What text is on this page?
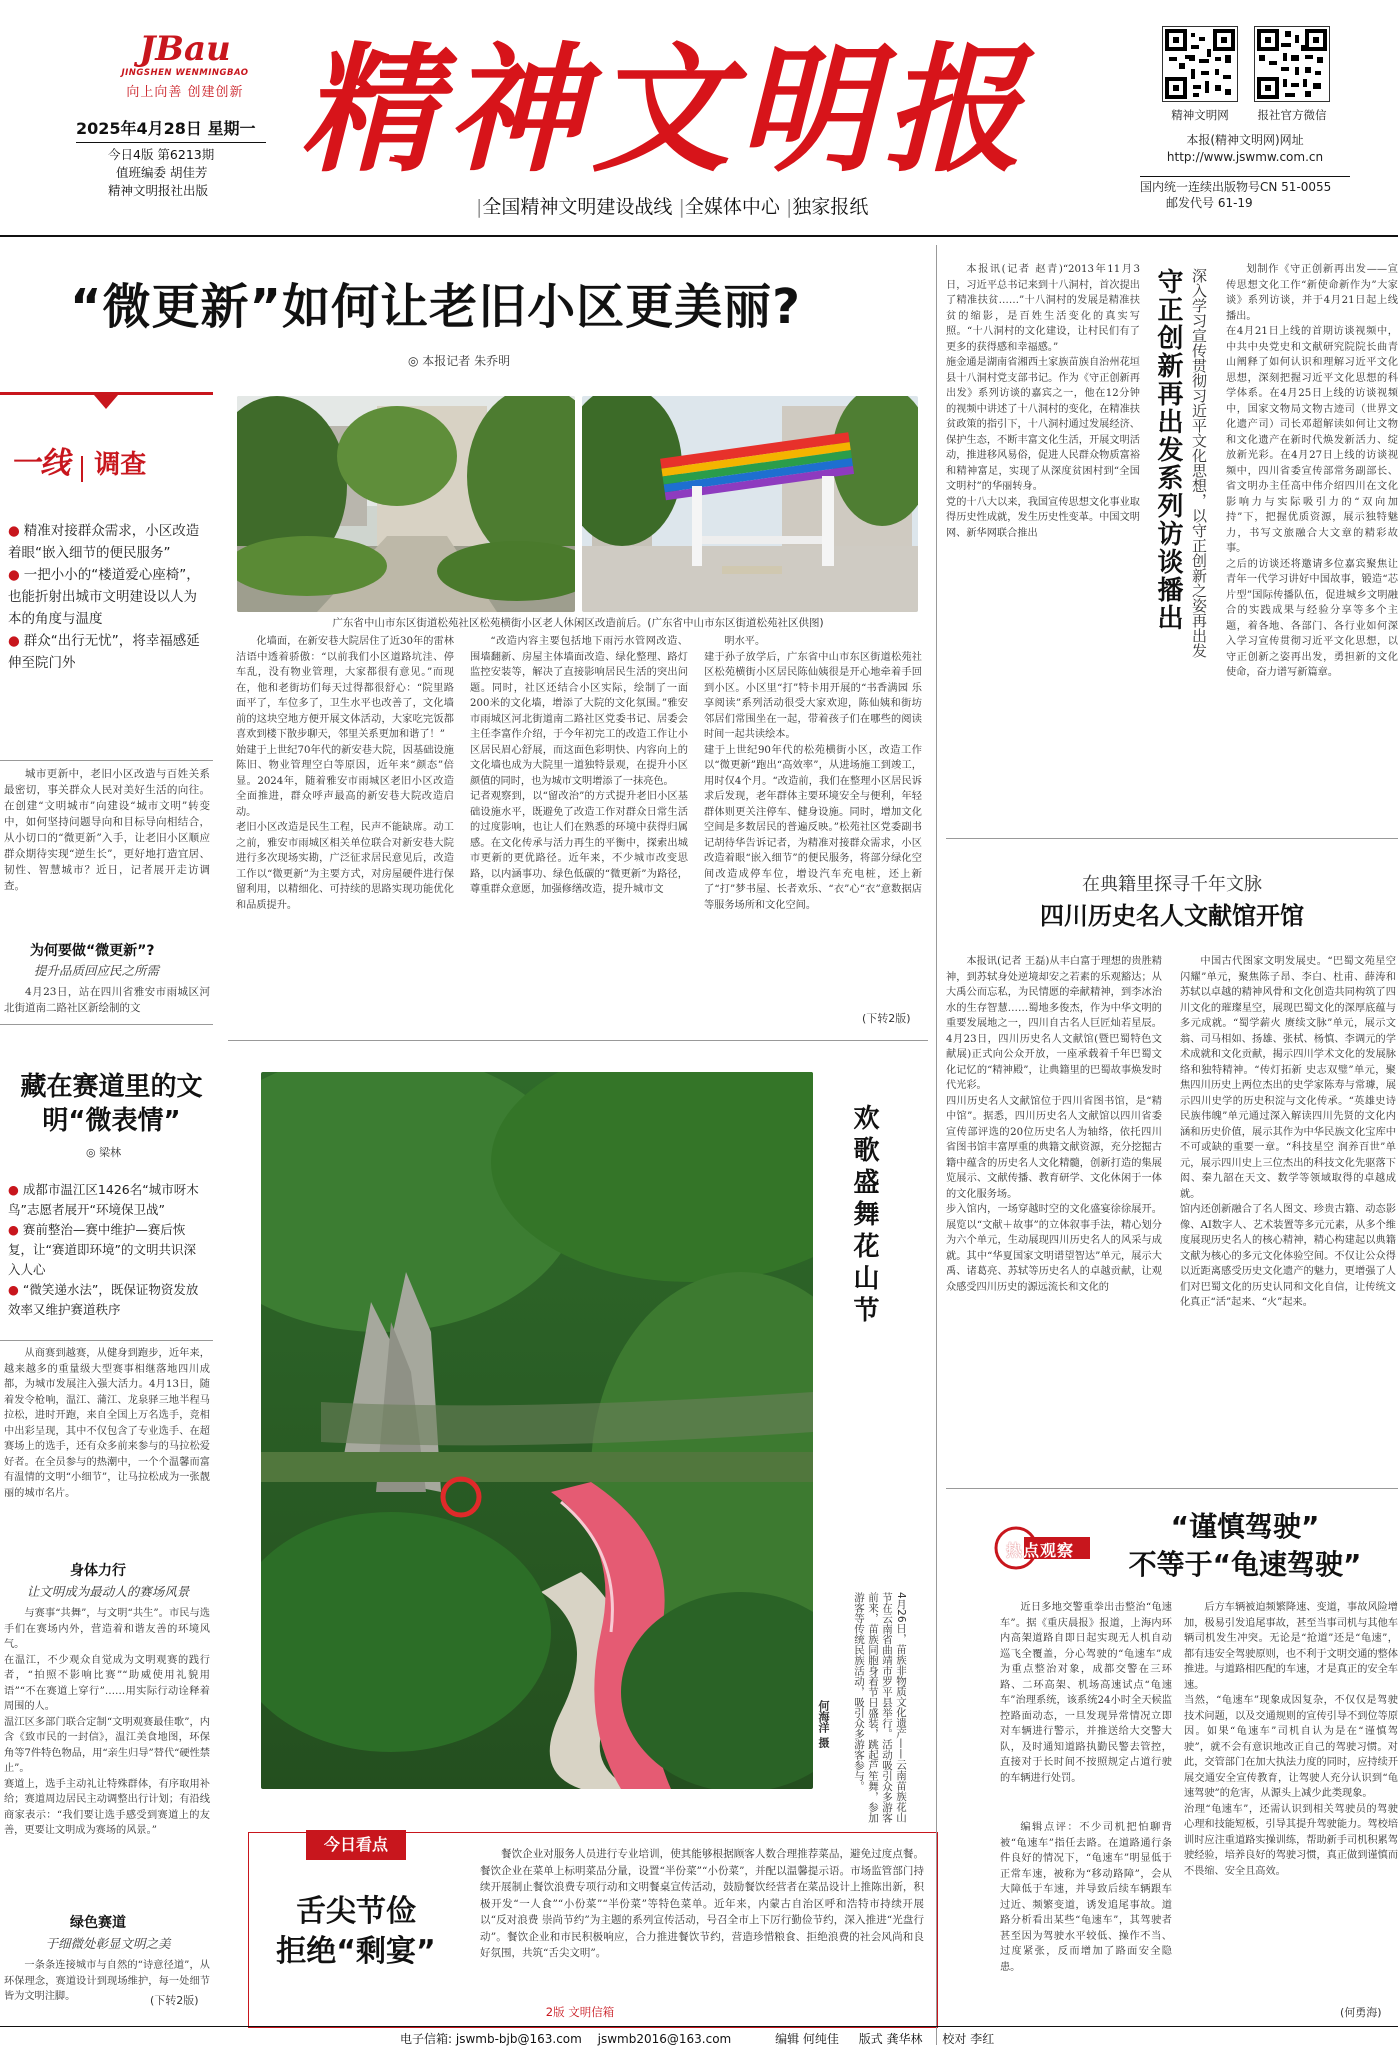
JBau
JINGSHEN WENMINGBAO
向上向善 创建创新
2025年4月28日 星期一
今日4版 第6213期
值班编委 胡佳芳
精神文明报社出版 精神文明报
|全国精神文明建设战线 |全媒体中心 |独家报纸
精神文明网	报社官方微信
本报(精神文明网)网址
http://www.jswmw.com.cn
国内统一连续出版物号CN 51-0055
邮发代号 61-19
“微更新”如何让老旧小区更美丽?
◎ 本报记者 朱乔明
广东省中山市东区街道松苑社区松苑横街小区老人休闲区改造前后。(广东省中山市东区街道松苑社区供图)
一线 调查
● 精准对接群众需求，小区改造着眼“嵌入细节的便民服务”
● 一把小小的“楼道爱心座椅”，也能折射出城市文明建设以人为本的角度与温度
● 群众“出行无忧”，将幸福感延伸至院门外

城市更新中，老旧小区改造与百姓关系最密切，事关群众人民对美好生活的向往。 在创建“文明城市”向建设“城市文明”转变中，如何坚持问题导向和目标导向相结合，从小切口的“微更新”入手，让老旧小区顺应群众期待实现“逆生长”，更好地打造宜居、韧性、智慧城市？近日，记者展开走访调查。

为何要做“微更新”?
提升品质回应民之所需

4月23日，站在四川省雅安市雨城区河北街道南二路社区新绘制的文

化墙面，在新安巷大院居住了近30年的雷林洁语中透着骄傲：“以前我们小区道路坑洼、停车乱，没有物业管理，大家都很有意见。”而现在，他和老街坊们每天过得都很舒心：“院里路面平了，车位多了，卫生水平也改善了，文化墙前的这块空地方便开展文体活动，大家吃完饭都喜欢到楼下散步聊天，邻里关系更加和谐了！”
始建于上世纪70年代的新安巷大院，因基础设施陈旧、物业管理空白等原因，近年来“颜态”倍显。2024年，随着雅安市雨城区老旧小区改造全面推进，群众呼声最高的新安巷大院改造启动。
老旧小区改造是民生工程，民声不能缺席。动工之前，雅安市雨城区相关单位联合对新安巷大院进行多次现场实勘，广泛征求居民意见后，改造工作以“微更新”为主要方式，对房屋硬件进行保留利用，以精细化、可持续的思路实现功能优化和品质提升。

“改造内容主要包括地下雨污水管网改造、围墙翻新、房屋主体墙面改造、绿化整理、路灯监控安装等，解决了直接影响居民生活的突出问题。同时，社区还结合小区实际，绘制了一面200米的文化墙，增添了大院的文化氛围。”雅安市雨城区河北街道南二路社区党委书记、居委会主任李富作介绍，于今年初完工的改造工作让小区居民眉心舒展，而这面色彩明快、内容向上的文化墙也成为大院里一道独特景观，在提升小区颜值的同时，也为城市文明增添了一抹亮色。
记者观察到，以“留改治”的方式提升老旧小区基础设施水平，既避免了改造工作对群众日常生活的过度影响，也让人们在熟悉的环境中获得归属感。在文化传承与活力再生的平衡中，探索出城市更新的更优路径。近年来，不少城市改变思路，以内涵事功、绿色低碳的“微更新”为路径，尊重群众意愿，加强修缮改造，提升城市文

明水平。
建于孙子放学后，广东省中山市东区街道松苑社区松苑横街小区居民陈仙姨很是开心地牵着手回到小区。小区里“打”特卡用开展的“书香满园 乐享阅读”系列活动很受大家欢迎，陈仙姨和街坊邻居们常围坐在一起，带着孩子们在哪些的阅读时间一起共读绘本。
建于上世纪90年代的松苑横街小区，改造工作以“微更新”跑出“高效率”，从进场施工到竣工，用时仅4个月。“改造前，我们在整理小区居民诉求后发现，老年群体主要环境安全与便利，年轻群体则更关注停车、健身设施。同时，增加文化空间是多数居民的普遍反映。”松苑社区党委副书记胡待华告诉记者，为精准对接群众需求，小区改造着眼“嵌入细节”的便民服务，将部分绿化空间改造成停车位，增设汽车充电桩，还上新了“打”梦书屋、长者欢乐、“衣”心“衣”意数据店等服务场所和文化空间。

(下转2版)
藏在赛道里的文明“微表情”
◎ 梁林
● 成都市温江区1426名“城市呀木鸟”志愿者展开“环境保卫战”
● 赛前整治—赛中维护—赛后恢复，让“赛道即环境”的文明共识深入人心
● “微笑递水法”，既保证物资发放效率又维护赛道秩序

从商赛到越赛，从健身到跑步，近年来，越来越多的重量级大型赛事相继落地四川成都，为城市发展注入强大活力。4月13日，随着发令枪响，温江、蒲江、龙泉驿三地半程马拉松，进时开跑，来自全国上万名选手，竞相中出彩呈现，其中不仅包含了专业选手、在超赛场上的选手，还有众多前来参与的马拉松爱好者。在全员参与的热潮中，一个个温馨而富有温情的文明“小细节”，让马拉松成为一张靓丽的城市名片。

身体力行
让文明成为最动人的赛场风景

与赛事“共舞”，与文明“共生”。市民与选手们在赛场内外，营造着和谐友善的环境风气。
在温江，不少观众自觉成为文明观赛的践行者，“拍照不影响比赛”“助威使用礼貌用语”“不在赛道上穿行”……用实际行动诠释着周围的人。
温江区多部门联合定制“文明观赛最佳歌”，内含《致市民的一封信》，温江美食地图，环保角等7件特色物品，用“亲生归导”替代“硬性禁止”。
赛道上，选手主动礼让特殊群体，有序取用补给；赛道周边居民主动调整出行计划；有沿线商家表示：“我们要让选手感受到赛道上的友善，更要让文明成为赛场的风景。”

绿色赛道
于细微处彰显文明之美

一条条连接城市与自然的“诗意径道”，从环保理念，赛道设计到现场维护，每一处细节皆为文明注脚。	(下转2版)
欢歌盛舞花山节
4月26日，苗族非物质文化遗产——云南苗族花山节在云南省曲靖市罗平县举行。活动吸引众多游客前来，苗族同胞身着节日盛装，跳起芦笙舞，参加游客等传统民族活动，吸引众多游客参与。
何海洋 摄
今日看点
舌尖节俭
拒绝“剩宴”

餐饮企业对服务人员进行专业培训，使其能够根据顾客人数合理推荐菜品，避免过度点餐。餐饮企业在菜单上标明菜品分量，设置“半份菜”“小份菜”，并配以温馨提示语。市场监管部门持续开展制止餐饮浪费专项行动和文明餐桌宣传活动，鼓励餐饮经营者在菜品设计上推陈出新，积极开发“一人食”“小份菜”“半份菜”等特色菜单。近年来，内蒙古自治区呼和浩特市持续开展以“反对浪费 崇尚节约”为主题的系列宣传活动，号召全市上下厉行勤俭节约，深入推进“光盘行动”。餐饮企业和市民积极响应，合力推进餐饮节约，营造珍惜粮食、拒绝浪费的社会风尚和良好氛围，共筑“舌尖文明”。

2版 文明信箱

本报讯(记者 赵青)“2013年11月3日，习近平总书记来到十八洞村，首次提出了精准扶贫……”十八洞村的发展是精准扶贫的缩影，是百姓生活变化的真实写照。“十八洞村的文化建设，让村民们有了更多的获得感和幸福感。”
施金通是湖南省湘西土家族苗族自治州花垣县十八洞村党支部书记。作为《守正创新再出发》系列访谈的嘉宾之一，他在12分钟的视频中讲述了十八洞村的变化，在精准扶贫政策的指引下，十八洞村通过发展经济、保护生态，不断丰富文化生活，开展文明活动，推进移风易俗，促进人民群众物质富裕和精神富足，实现了从深度贫困村到“全国文明村”的华丽转身。
党的十八大以来，我国宣传思想文化事业取得历史性成就，发生历史性变革。中国文明网、新华网联合推出	深入学习宣传贯彻习近平文化思想，以守正创新之姿再出发
守正创新再出发系列访谈播出	划制作《守正创新再出发——宣传思想文化工作“新使命新作为”大家谈》系列访谈，并于4月21日起上线播出。
在4月21日上线的首期访谈视频中，中共中央党史和文献研究院院长曲青山阐释了如何认识和理解习近平文化思想，深刻把握习近平文化思想的科学体系。在4月25日上线的访谈视频中，国家文物局文物古迹司（世界文化遗产司）司长邓超解读如何让文物和文化遗产在新时代焕发新活力、绽放新光彩。在4月27日上线的访谈视频中，四川省委宣传部常务副部长、省文明办主任高中伟介绍四川在文化影响力与实际吸引力的“双向加持”下，把握优质资源，展示独特魅力，书写文旅融合大文章的精彩故事。
之后的访谈还将邀请多位嘉宾聚焦让青年一代学习讲好中国故事，锻造“芯片型”国际传播队伍，促进城乡文明融合的实践成果与经验分享等多个主题，着各地、各部门、各行业如何深入学习宣传贯彻习近平文化思想，以守正创新之姿再出发，勇担新的文化使命，奋力谱写新篇章。

在典籍里探寻千年文脉
四川历史名人文献馆开馆

本报讯(记者 王磊)从丰白富于理想的贵胜精神，到苏轼身处逆境却安之若素的乐观豁达；从大禹公而忘私，为民情愿的牵献精神，到李冰治水的生存智慧……蜀地多俊杰，作为中华文明的重要发展地之一，四川自古名人巨匠灿若星辰。4月23日，四川历史名人文献馆(暨巴蜀特色文献展)正式向公众开放，一座承载着千年巴蜀文化记忆的“精神殿”，让典籍里的巴蜀故事焕发时代光彩。
四川历史名人文献馆位于四川省图书馆，是“精中馆”。据悉，四川历史名人文献馆以四川省委宣传部评选的20位历史名人为轴络，依托四川省图书馆丰富厚重的典籍文献资源，充分挖掘古籍中蕴含的历史名人文化精髓，创新打造的集展览展示、文献传播、教育研学、文化休闲于一体的文化服务场。
步入馆内，一场穿越时空的文化盛宴徐徐展开。展览以“文献＋故事”的立体叙事手法，精心划分为六个单元，生动展现四川历史名人的风采与成就。其中“华夏国家文明谱望智达”单元，展示大禹、诸葛亮、苏轼等历史名人的卓越贡献，让观众感受四川历史的源远流长和文化的

中国古代图家文明发展史。“巴蜀文苑星空闪耀”单元，聚焦陈子昂、李白、杜甫、薛涛和苏轼以卓越的精神风骨和文化创造共同构筑了四川文化的璀璨星空，展现巴蜀文化的深厚底蕴与多元成就。“蜀学薪火 赓续文脉”单元，展示文翁、司马相如、扬雄、张栻、杨慎、李调元的学术成就和文化贡献，揭示四川学术文化的发展脉络和独特精神。“传灯拓新 史志双璧”单元，聚焦四川历史上两位杰出的史学家陈寿与常璩，展示四川史学的历史积淀与文化传承。“英雄史诗 民族伟魄”单元通过深入解读四川先贤的文化内涵和历史价值，展示其作为中华民族文化宝库中不可或缺的重要一章。“科技星空 润养百世”单元，展示四川史上三位杰出的科技文化先驱落下闳、秦九韶在天文、数学等领域取得的卓越成就。
馆内还创新融合了名人图文、珍贵古籍、动态影像、AI数字人、艺术装置等多元元素，从多个维度展现历史名人的核心精神，精心构建起以典籍文献为核心的多元文化体验空间。不仅让公众得以近距离感受历史文化遗产的魅力，更增强了人们对巴蜀文化的历史认同和文化自信，让传统文化真正“活”起来、“火”起来。

热点观察
“谨慎驾驶”
不等于“龟速驾驶”

近日多地交警重拳出击整治“龟速车”。据《重庆晨报》报道，上海内环内高架道路自即日起实现无人机自动巡飞全覆盖，分心驾驶的“龟速车”成为重点整治对象，成都交警在三环路、二环高架、机场高速试点“龟速车”治理系统，该系统24小时全天候监控路面动态，一旦发现异常情况立即对车辆进行警示，并推送给大交警大队，及时通知道路执勤民警去管控，直接对于长时间不按照规定占道行驶的车辆进行处罚。

编辑点评：不少司机把怕聊背被“龟速车”指任去路。在道路通行条件良好的情况下，“龟速车”明显低于正常车速，被称为“移动路障”，会从大障低于车速，并导致后续车辆跟车过近、频繁变道，诱发追尾事故。道路分析看出某些“龟速车”，其驾驶者甚至因为驾驶水平较低、操作不当、过度紧张，反而增加了路面安全隐患。

后方车辆被迫频繁降速、变道，事故风险增加，极易引发追尾事故，甚至当事司机与其他车辆司机发生冲突。无论是“抢道”还是“龟速”，都有违安全驾驶原则，也不利于文明交通的整体推进。与道路相匹配的车速，才是真正的安全车速。
当然，“龟速车”现象成因复杂，不仅仅是驾驶技术问题，以及交通规则的宣传引导不到位等原因。如果“龟速车”司机自认为是在“谨慎驾驶”，就不会有意识地改正自己的驾驶习惯。对此，交管部门在加大执法力度的同时，应持续开展交通安全宣传教育，让驾驶人充分认识到“龟速驾驶”的危害，从源头上减少此类现象。
治理“龟速车”，还需认识到相关驾驶员的驾驶心理和技能短板，引导其提升驾驶能力。驾校培训时应注重道路实操训练，帮助新手司机积累驾驶经验，培养良好的驾驶习惯，真正做到谨慎而不畏缩、安全且高效。

(何勇海)
电子信箱: jswmb-bjb@163.com jswmb2016@163.com	编辑 何纯佳 版式 龚华林 校对 李红
